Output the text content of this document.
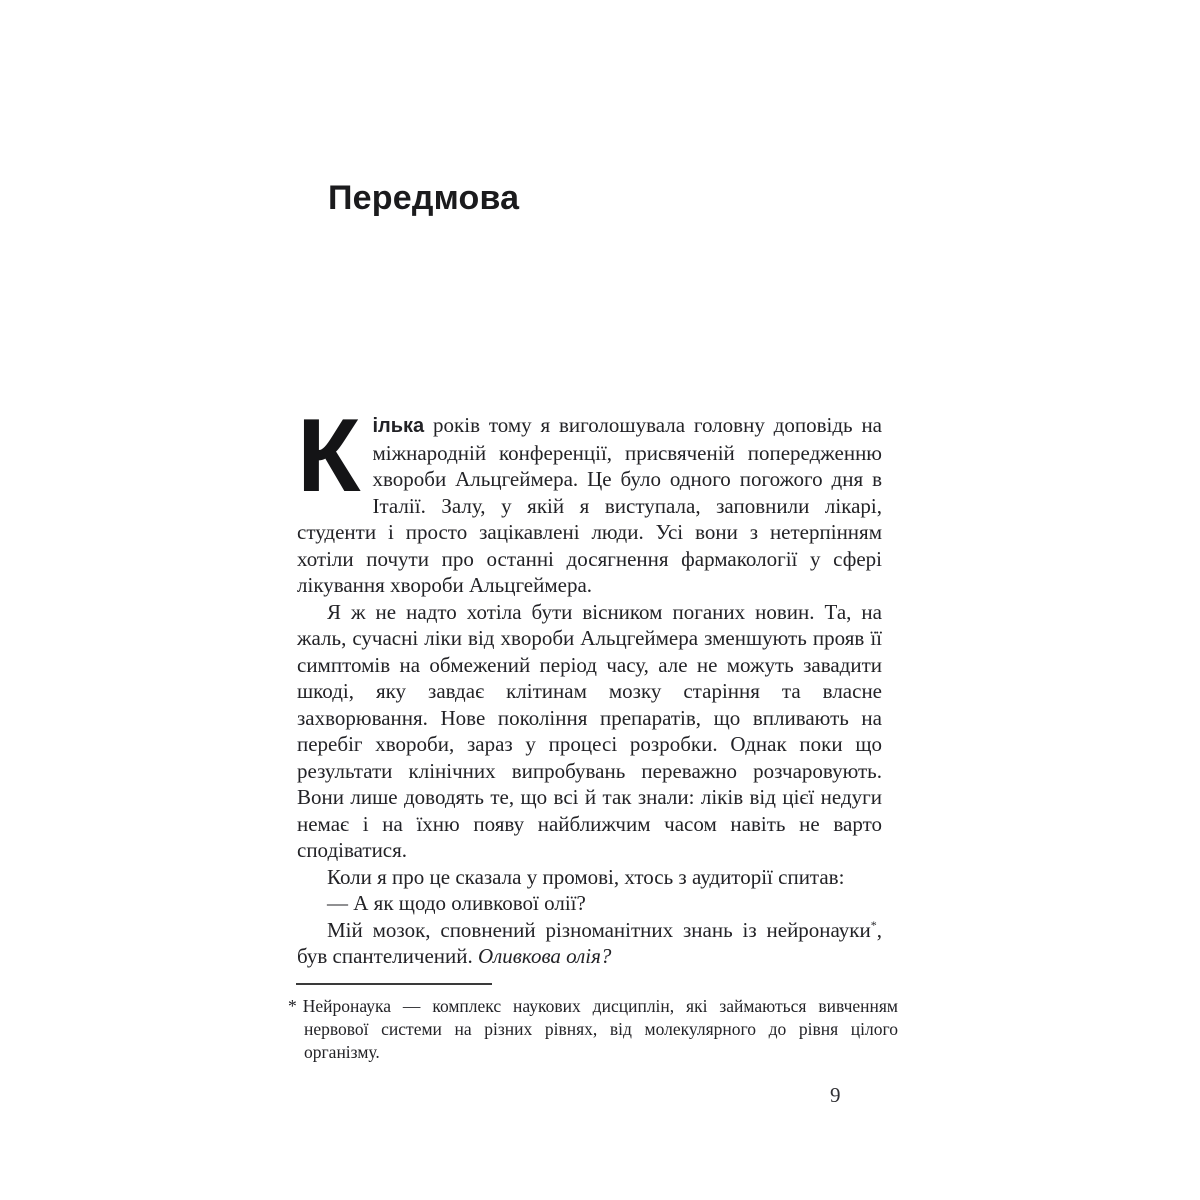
Передмова

Кілька років тому я виголошувала головну доповідь на міжнародній конференції, присвяченій попередженню хвороби Альцгеймера. Це було одного погожого дня в Італії. Залу, у якій я виступала, заповнили лікарі, студенти і просто зацікавлені люди. Усі вони з нетерпінням хотіли почути про останні досягнення фармакології у сфері лікування хвороби Альцгеймера.

Я ж не надто хотіла бути вісником поганих новин. Та, на жаль, сучасні ліки від хвороби Альцгеймера зменшують прояв її симптомів на обмежений період часу, але не можуть завадити шкоді, яку завдає клітинам мозку старіння та власне захворювання. Нове покоління препаратів, що впливають на перебіг хвороби, зараз у процесі розробки. Однак поки що результати клінічних випробувань переважно розчаровують. Вони лише доводять те, що всі й так знали: ліків від цієї недуги немає і на їхню появу найближчим часом навіть не варто сподіватися.

Коли я про це сказала у промові, хтось з аудиторії спитав:

— А як щодо оливкової олії?

Мій мозок, сповнений різноманітних знань із нейронауки*, був спантеличений. Оливкова олія?

* Нейронаука — комплекс наукових дисциплін, які займаються вивченням нервової системи на різних рівнях, від молекулярного до рівня цілого організму.
9
